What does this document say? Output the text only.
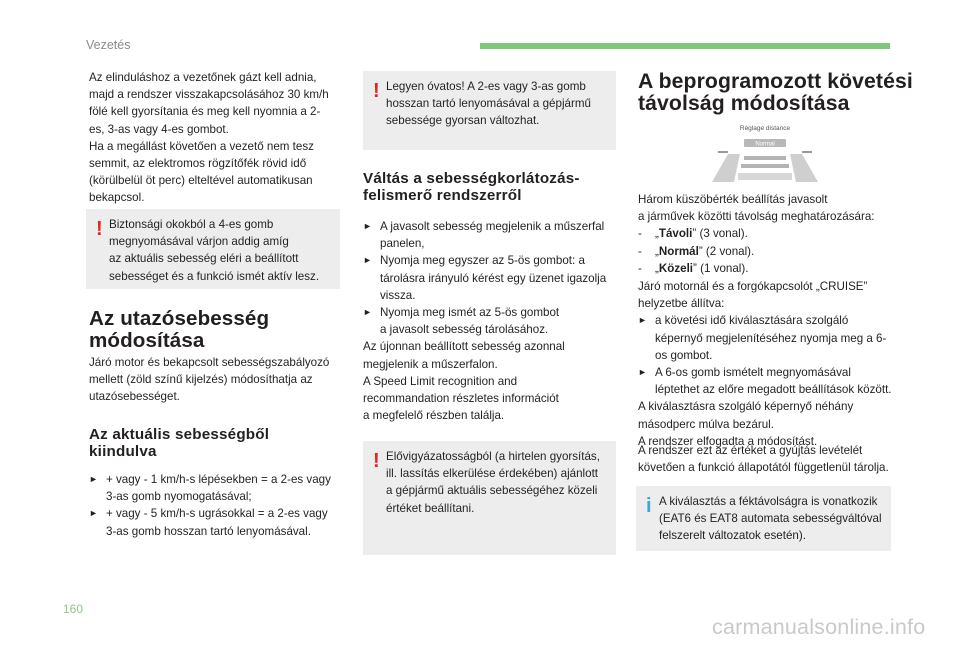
Vezetés

Az elinduláshoz a vezetőnek gázt kell adnia,
majd a rendszer visszakapcsolásához 30 km/h
fölé kell gyorsítania és meg kell nyomnia a 2-
es, 3-as vagy 4-es gombot.

Ha a megállást követően a vezető nem tesz
semmit, az elektromos rögzítőfék rövid idő
(körülbelül öt perc) elteltével automatikusan
bekapcsol.

! Biztonsági okokból a 4-es gomb
megnyomásával várjon addig amíg
az aktuális sebesség eléri a beállított
sebességet és a funkció ismét aktív lesz.
Az utazósebesség
módosítása
Járó motor és bekapcsolt sebességszabályozó
mellett (zöld színű kijelzés) módosíthatja az
utazósebességet.
Az aktuális sebességből
kiindulva
► + vagy - 1 km/h-s lépésekben = a 2-es vagy
3-as gomb nyomogatásával;
► + vagy - 5 km/h-s ugrásokkal = a 2-es vagy
3-as gomb hosszan tartó lenyomásával.
! Legyen óvatos! A 2-es vagy 3-as gomb
hosszan tartó lenyomásával a gépjármű
sebessége gyorsan változhat.
Váltás a sebességkorlátozás-
felismerő rendszerről
► A javasolt sebesség megjelenik a műszerfal
panelen,
► Nyomja meg egyszer az 5-ös gombot: a
tárolásra irányuló kérést egy üzenet igazolja
vissza.
► Nyomja meg ismét az 5-ös gombot
a javasolt sebesség tárolásához.

Az újonnan beállított sebesség azonnal
megjelenik a műszerfalon.

A Speed Limit recognition and
recommandation részletes információt
a megfelelő részben találja.
! Elővigyázatosságból (a hirtelen gyorsítás,
ill. lassítás elkerülése érdekében) ajánlott
a gépjármű aktuális sebességéhez közeli
értéket beállítani.
A beprogramozott követési
távolság módosítása
Réglage distance
Normal
Három küszöbérték beállítás javasolt
a járművek közötti távolság meghatározására:
- „Távoli” (3 vonal).
- „Normál” (2 vonal).
- „Közeli” (1 vonal).
Járó motornál és a forgókapcsolót „CRUISE”
helyzetbe állítva:
► a követési idő kiválasztására szolgáló
képernyő megjelenítéséhez nyomja meg a 6-
os gombot.
► A 6-os gomb ismételt megnyomásával
léptethet az előre megadott beállítások között.

A kiválasztásra szolgáló képernyő néhány
másodperc múlva bezárul.
A rendszer elfogadta a módosítást.

A rendszer ezt az értéket a gyújtás levételét
követően a funkció állapotától függetlenül tárolja.
i A kiválasztás a féktávolságra is vonatkozik
(EAT6 és EAT8 automata sebességváltóval
felszerelt változatok esetén).
160
carmanualsonline.info
